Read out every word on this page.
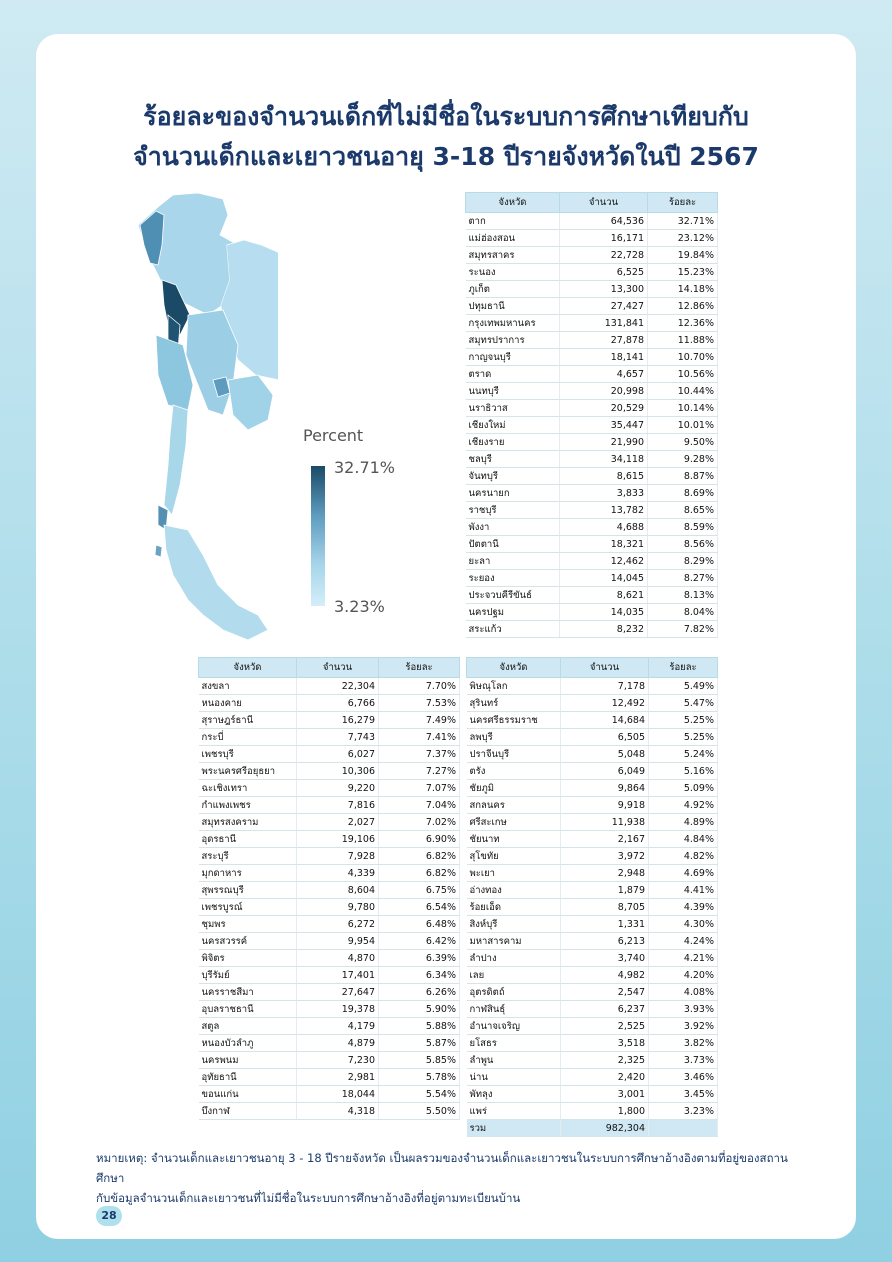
ร้อยละของจำนวนเด็กที่ไม่มีชื่อในระบบการศึกษาเทียบกับ
จำนวนเด็กและเยาวชนอายุ 3-18 ปีรายจังหวัดในปี 2567
Percent
32.71%
3.23%
จังหวัด	จำนวน	ร้อยละ
ตาก	64,536	32.71%
แม่ฮ่องสอน	16,171	23.12%
สมุทรสาคร	22,728	19.84%
ระนอง	6,525	15.23%
ภูเก็ต	13,300	14.18%
ปทุมธานี	27,427	12.86%
กรุงเทพมหานคร	131,841	12.36%
สมุทรปราการ	27,878	11.88%
กาญจนบุรี	18,141	10.70%
ตราด	4,657	10.56%
นนทบุรี	20,998	10.44%
นราธิวาส	20,529	10.14%
เชียงใหม่	35,447	10.01%
เชียงราย	21,990	9.50%
ชลบุรี	34,118	9.28%
จันทบุรี	8,615	8.87%
นครนายก	3,833	8.69%
ราชบุรี	13,782	8.65%
พังงา	4,688	8.59%
ปัตตานี	18,321	8.56%
ยะลา	12,462	8.29%
ระยอง	14,045	8.27%
ประจวบคีรีขันธ์	8,621	8.13%
นครปฐม	14,035	8.04%
สระแก้ว	8,232	7.82%
จังหวัด	จำนวน	ร้อยละ
สงขลา	22,304	7.70%
หนองคาย	6,766	7.53%
สุราษฎร์ธานี	16,279	7.49%
กระบี่	7,743	7.41%
เพชรบุรี	6,027	7.37%
พระนครศรีอยุธยา	10,306	7.27%
ฉะเชิงเทรา	9,220	7.07%
กำแพงเพชร	7,816	7.04%
สมุทรสงคราม	2,027	7.02%
อุดรธานี	19,106	6.90%
สระบุรี	7,928	6.82%
มุกดาหาร	4,339	6.82%
สุพรรณบุรี	8,604	6.75%
เพชรบูรณ์	9,780	6.54%
ชุมพร	6,272	6.48%
นครสวรรค์	9,954	6.42%
พิจิตร	4,870	6.39%
บุรีรัมย์	17,401	6.34%
นครราชสีมา	27,647	6.26%
อุบลราชธานี	19,378	5.90%
สตูล	4,179	5.88%
หนองบัวลำภู	4,879	5.87%
นครพนม	7,230	5.85%
อุทัยธานี	2,981	5.78%
ขอนแก่น	18,044	5.54%
บึงกาฬ	4,318	5.50%
จังหวัด	จำนวน	ร้อยละ
พิษณุโลก	7,178	5.49%
สุรินทร์	12,492	5.47%
นครศรีธรรมราช	14,684	5.25%
ลพบุรี	6,505	5.25%
ปราจีนบุรี	5,048	5.24%
ตรัง	6,049	5.16%
ชัยภูมิ	9,864	5.09%
สกลนคร	9,918	4.92%
ศรีสะเกษ	11,938	4.89%
ชัยนาท	2,167	4.84%
สุโขทัย	3,972	4.82%
พะเยา	2,948	4.69%
อ่างทอง	1,879	4.41%
ร้อยเอ็ด	8,705	4.39%
สิงห์บุรี	1,331	4.30%
มหาสารคาม	6,213	4.24%
ลำปาง	3,740	4.21%
เลย	4,982	4.20%
อุตรดิตถ์	2,547	4.08%
กาฬสินธุ์	6,237	3.93%
อำนาจเจริญ	2,525	3.92%
ยโสธร	3,518	3.82%
ลำพูน	2,325	3.73%
น่าน	2,420	3.46%
พัทลุง	3,001	3.45%
แพร่	1,800	3.23%
รวม	982,304	
หมายเหตุ: จำนวนเด็กและเยาวชนอายุ 3 - 18 ปีรายจังหวัด เป็นผลรวมของจำนวนเด็กและเยาวชนในระบบการศึกษาอ้างอิงตามที่อยู่ของสถานศึกษา
กับข้อมูลจำนวนเด็กและเยาวชนที่ไม่มีชื่อในระบบการศึกษาอ้างอิงที่อยู่ตามทะเบียนบ้าน
28
